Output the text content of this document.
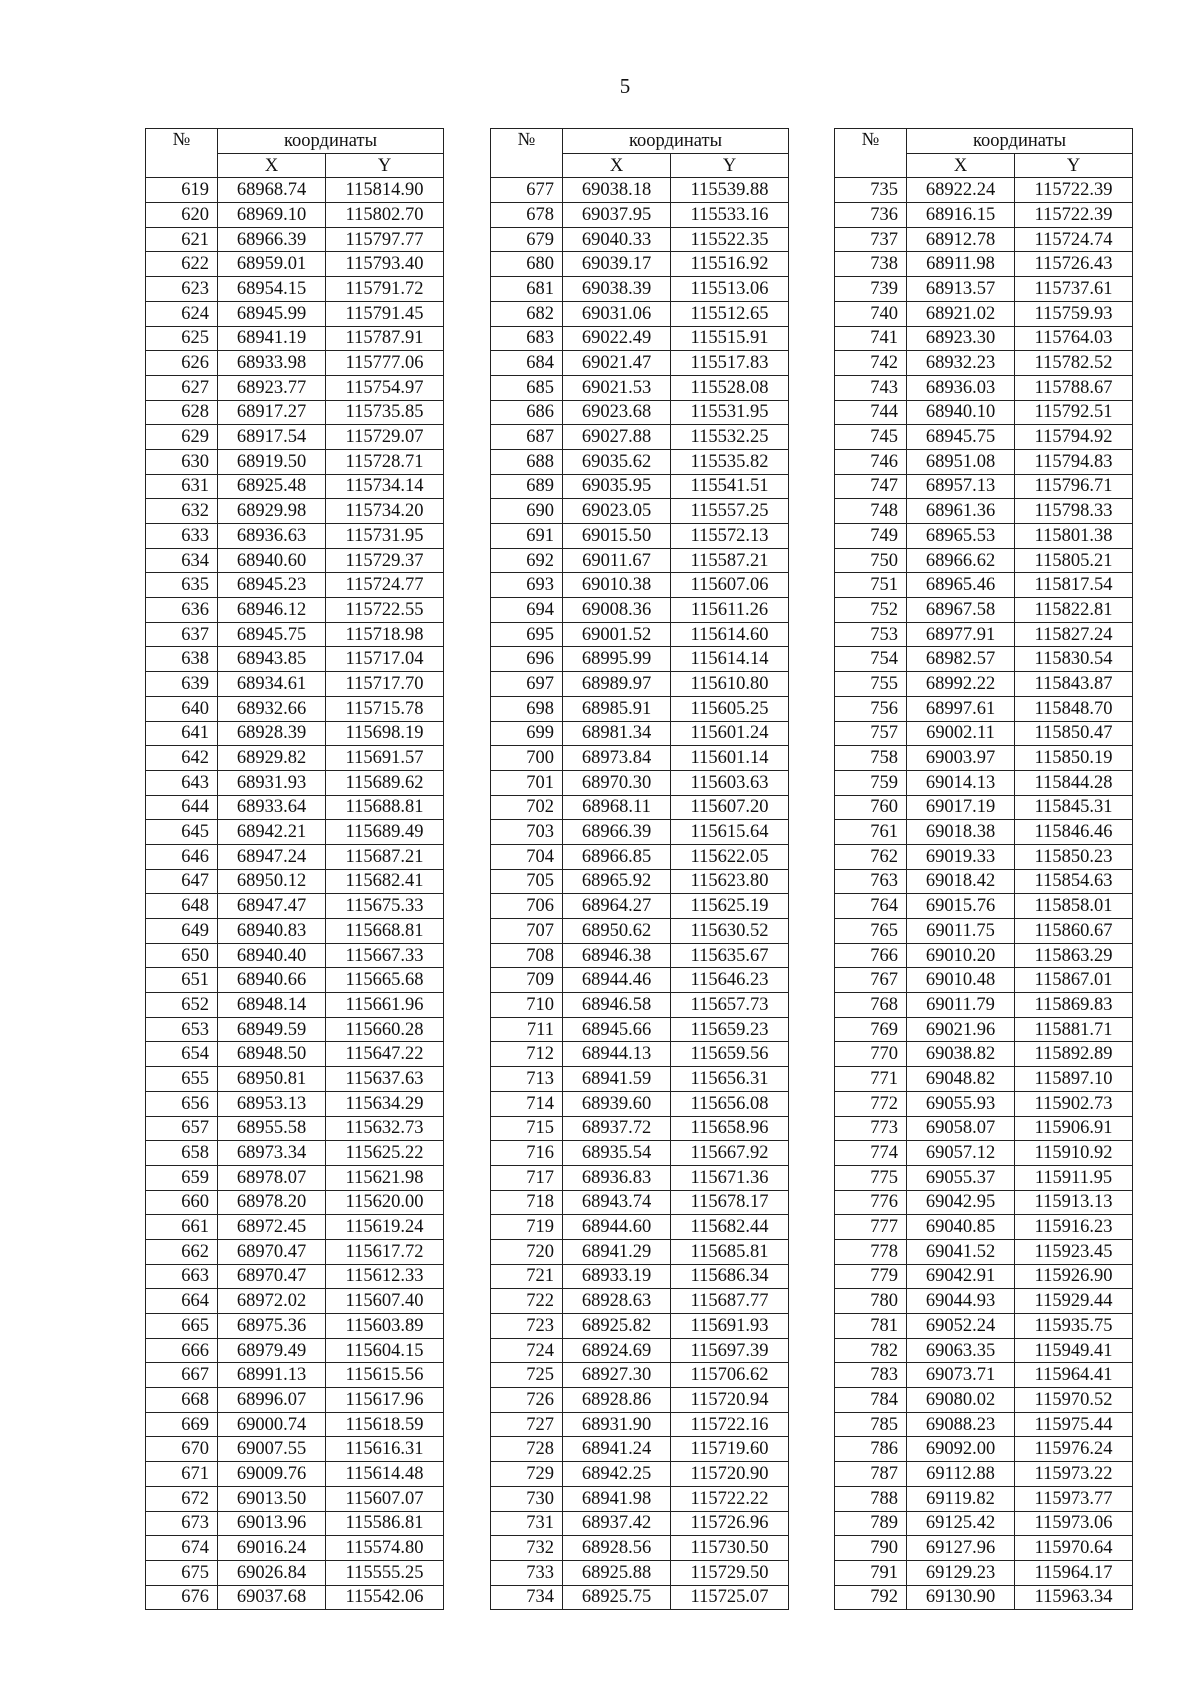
5
№	координаты	
	X	Y
619	68968.74	115814.90
620	68969.10	115802.70
621	68966.39	115797.77
622	68959.01	115793.40
623	68954.15	115791.72
624	68945.99	115791.45
625	68941.19	115787.91
626	68933.98	115777.06
627	68923.77	115754.97
628	68917.27	115735.85
629	68917.54	115729.07
630	68919.50	115728.71
631	68925.48	115734.14
632	68929.98	115734.20
633	68936.63	115731.95
634	68940.60	115729.37
635	68945.23	115724.77
636	68946.12	115722.55
637	68945.75	115718.98
638	68943.85	115717.04
639	68934.61	115717.70
640	68932.66	115715.78
641	68928.39	115698.19
642	68929.82	115691.57
643	68931.93	115689.62
644	68933.64	115688.81
645	68942.21	115689.49
646	68947.24	115687.21
647	68950.12	115682.41
648	68947.47	115675.33
649	68940.83	115668.81
650	68940.40	115667.33
651	68940.66	115665.68
652	68948.14	115661.96
653	68949.59	115660.28
654	68948.50	115647.22
655	68950.81	115637.63
656	68953.13	115634.29
657	68955.58	115632.73
658	68973.34	115625.22
659	68978.07	115621.98
660	68978.20	115620.00
661	68972.45	115619.24
662	68970.47	115617.72
663	68970.47	115612.33
664	68972.02	115607.40
665	68975.36	115603.89
666	68979.49	115604.15
667	68991.13	115615.56
668	68996.07	115617.96
669	69000.74	115618.59
670	69007.55	115616.31
671	69009.76	115614.48
672	69013.50	115607.07
673	69013.96	115586.81
674	69016.24	115574.80
675	69026.84	115555.25
676	69037.68	115542.06
№	координаты	
	X	Y
677	69038.18	115539.88
678	69037.95	115533.16
679	69040.33	115522.35
680	69039.17	115516.92
681	69038.39	115513.06
682	69031.06	115512.65
683	69022.49	115515.91
684	69021.47	115517.83
685	69021.53	115528.08
686	69023.68	115531.95
687	69027.88	115532.25
688	69035.62	115535.82
689	69035.95	115541.51
690	69023.05	115557.25
691	69015.50	115572.13
692	69011.67	115587.21
693	69010.38	115607.06
694	69008.36	115611.26
695	69001.52	115614.60
696	68995.99	115614.14
697	68989.97	115610.80
698	68985.91	115605.25
699	68981.34	115601.24
700	68973.84	115601.14
701	68970.30	115603.63
702	68968.11	115607.20
703	68966.39	115615.64
704	68966.85	115622.05
705	68965.92	115623.80
706	68964.27	115625.19
707	68950.62	115630.52
708	68946.38	115635.67
709	68944.46	115646.23
710	68946.58	115657.73
711	68945.66	115659.23
712	68944.13	115659.56
713	68941.59	115656.31
714	68939.60	115656.08
715	68937.72	115658.96
716	68935.54	115667.92
717	68936.83	115671.36
718	68943.74	115678.17
719	68944.60	115682.44
720	68941.29	115685.81
721	68933.19	115686.34
722	68928.63	115687.77
723	68925.82	115691.93
724	68924.69	115697.39
725	68927.30	115706.62
726	68928.86	115720.94
727	68931.90	115722.16
728	68941.24	115719.60
729	68942.25	115720.90
730	68941.98	115722.22
731	68937.42	115726.96
732	68928.56	115730.50
733	68925.88	115729.50
734	68925.75	115725.07
№	координаты	
	X	Y
735	68922.24	115722.39
736	68916.15	115722.39
737	68912.78	115724.74
738	68911.98	115726.43
739	68913.57	115737.61
740	68921.02	115759.93
741	68923.30	115764.03
742	68932.23	115782.52
743	68936.03	115788.67
744	68940.10	115792.51
745	68945.75	115794.92
746	68951.08	115794.83
747	68957.13	115796.71
748	68961.36	115798.33
749	68965.53	115801.38
750	68966.62	115805.21
751	68965.46	115817.54
752	68967.58	115822.81
753	68977.91	115827.24
754	68982.57	115830.54
755	68992.22	115843.87
756	68997.61	115848.70
757	69002.11	115850.47
758	69003.97	115850.19
759	69014.13	115844.28
760	69017.19	115845.31
761	69018.38	115846.46
762	69019.33	115850.23
763	69018.42	115854.63
764	69015.76	115858.01
765	69011.75	115860.67
766	69010.20	115863.29
767	69010.48	115867.01
768	69011.79	115869.83
769	69021.96	115881.71
770	69038.82	115892.89
771	69048.82	115897.10
772	69055.93	115902.73
773	69058.07	115906.91
774	69057.12	115910.92
775	69055.37	115911.95
776	69042.95	115913.13
777	69040.85	115916.23
778	69041.52	115923.45
779	69042.91	115926.90
780	69044.93	115929.44
781	69052.24	115935.75
782	69063.35	115949.41
783	69073.71	115964.41
784	69080.02	115970.52
785	69088.23	115975.44
786	69092.00	115976.24
787	69112.88	115973.22
788	69119.82	115973.77
789	69125.42	115973.06
790	69127.96	115970.64
791	69129.23	115964.17
792	69130.90	115963.34
